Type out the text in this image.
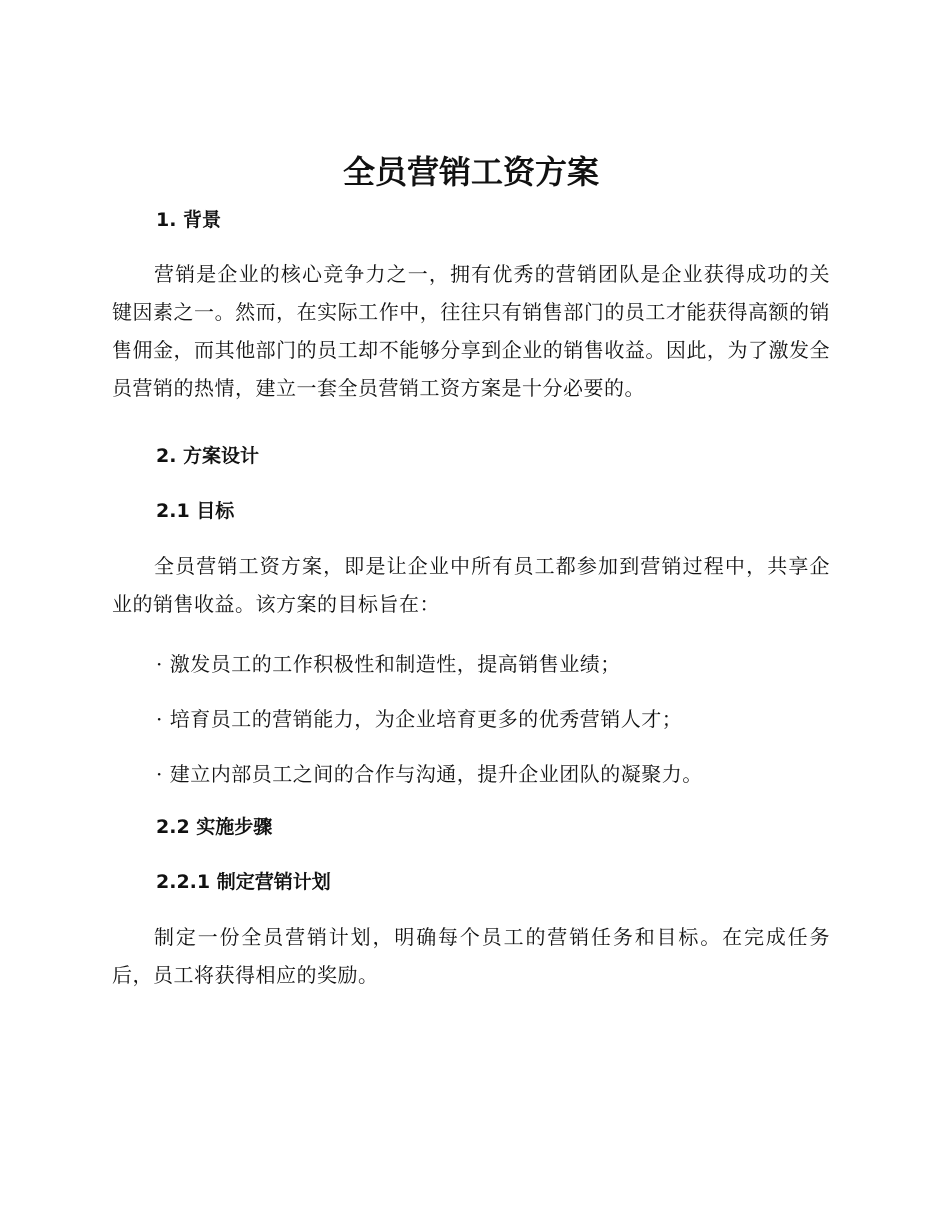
全员营销工资方案
1. 背景

营销是企业的核心竞争力之一，拥有优秀的营销团队是企业获得成功的关键因素之一。然而，在实际工作中，往往只有销售部门的员工才能获得高额的销售佣金，而其他部门的员工却不能够分享到企业的销售收益。因此，为了激发全员营销的热情，建立一套全员营销工资方案是十分必要的。

2. 方案设计
2.1 目标

全员营销工资方案，即是让企业中所有员工都参加到营销过程中，共享企业的销售收益。该方案的目标旨在：

· 激发员工的工作积极性和制造性，提高销售业绩；

· 培育员工的营销能力，为企业培育更多的优秀营销人才；

· 建立内部员工之间的合作与沟通，提升企业团队的凝聚力。

2.2 实施步骤
2.2.1 制定营销计划

制定一份全员营销计划，明确每个员工的营销任务和目标。在完成任务后，员工将获得相应的奖励。
